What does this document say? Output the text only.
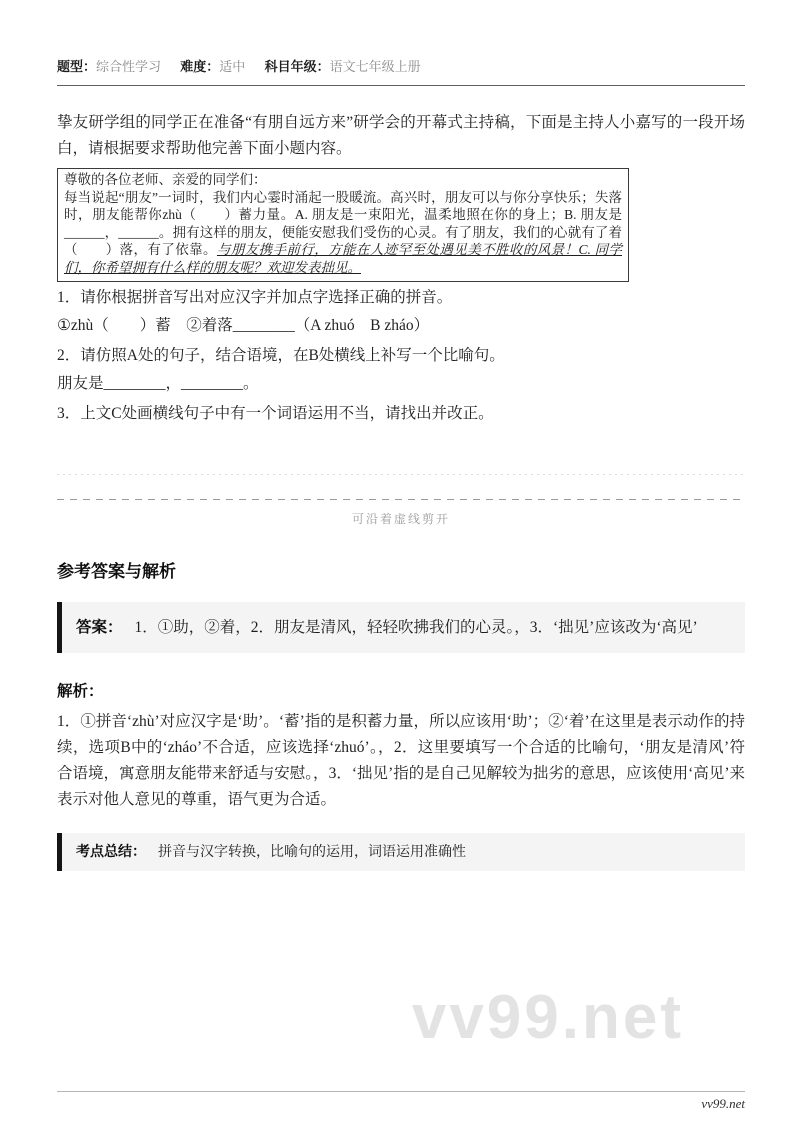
题型：综合性学习 难度：适中 科目年级：语文七年级上册

挚友研学组的同学正在准备“有朋自远方来”研学会的开幕式主持稿，下面是主持人小嘉写的一段开场白，请根据要求帮助他完善下面小题内容。

尊敬的各位老师、亲爱的同学们：
每当说起“朋友”一词时，我们内心霎时涌起一股暖流。高兴时，朋友可以与你分享快乐；失落时，朋友能帮你zhù（　　）蓄力量。A. 朋友是一束阳光，温柔地照在你的身上；B. 朋友是______，______。拥有这样的朋友，便能安慰我们受伤的心灵。有了朋友，我们的心就有了着（　　）落，有了依靠。与朋友携手前行，方能在人迹罕至处遇见美不胜收的风景！C. 同学们，你希望拥有什么样的朋友呢？欢迎发表拙见。
1．请你根据拼音写出对应汉字并加点字选择正确的拼音。
①zhù（　　）蓄　②着落________（A zhuó　B zháo）
2．请仿照A处的句子，结合语境，在B处横线上补写一个比喻句。
朋友是________，________。
3．上文C处画横线句子中有一个词语运用不当，请找出并改正。
可沿着虚线剪开
参考答案与解析
答案： 1．①助，②着，2．朋友是清风，轻轻吹拂我们的心灵。，3．‘拙见’应该改为‘高见’
解析：

1．①拼音‘zhù’对应汉字是‘助’。‘蓄’指的是积蓄力量，所以应该用‘助’；②‘着’在这里是表示动作的持续，选项B中的‘zháo’不合适，应该选择‘zhuó’。，2．这里要填写一个合适的比喻句，‘朋友是清风’符合语境，寓意朋友能带来舒适与安慰。，3．‘拙见’指的是自己见解较为拙劣的意思，应该使用‘高见’来表示对他人意见的尊重，语气更为合适。

考点总结： 拼音与汉字转换，比喻句的运用，词语运用准确性
vv99.net
vv99.net
